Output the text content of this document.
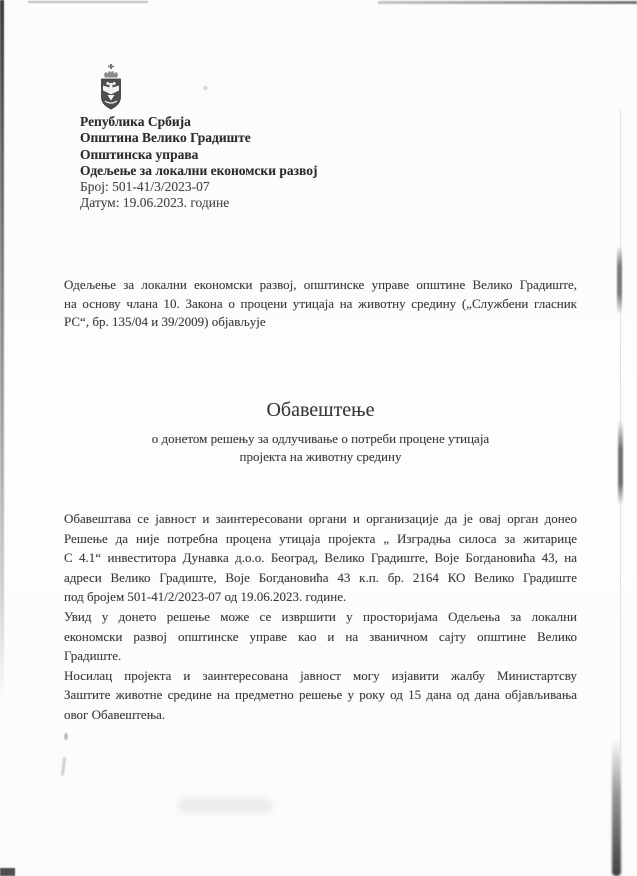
Република Србија
Општина Велико Градиште
Општинска управа
Одељење за локални економски развој
Број: 501-41/3/2023-07
Датум: 19.06.2023. године
Одељење за локални економски развој, општинске управе општине Велико Градиште,
на основу члана 10. Закона о процени утицаја на животну средину („Службени гласник
РС“, бр. 135/04 и 39/2009) објављује
Обавештење
о донетом решењу за одлучивање о потреби процене утицаја
пројекта на животну средину
Обавештава се јавност и заинтересовани органи и организације да је овај орган донео
Решење да није потребна процена утицаја пројекта „ Изградња силоса за житарице
С 4.1“ инвеститора Дунавка д.о.о. Београд, Велико Градиште, Воје Богдановића 43, на
адреси Велико Градиште, Воје Богдановића 43 к.п. бр. 2164 КО Велико Градиште
под бројем 501-41/2/2023-07 од 19.06.2023. године.
Увид у донето решење може се извршити у просторијама Одељења за локални
економски развој општинске управе као и на званичном сајту општине Велико
Градиште.
Носилац пројекта и заинтересована јавност могу изјавити жалбу Министартсву
Заштите животне средине на предметно решење у року од 15 дана од дана објављивања
овог Обавештења.
